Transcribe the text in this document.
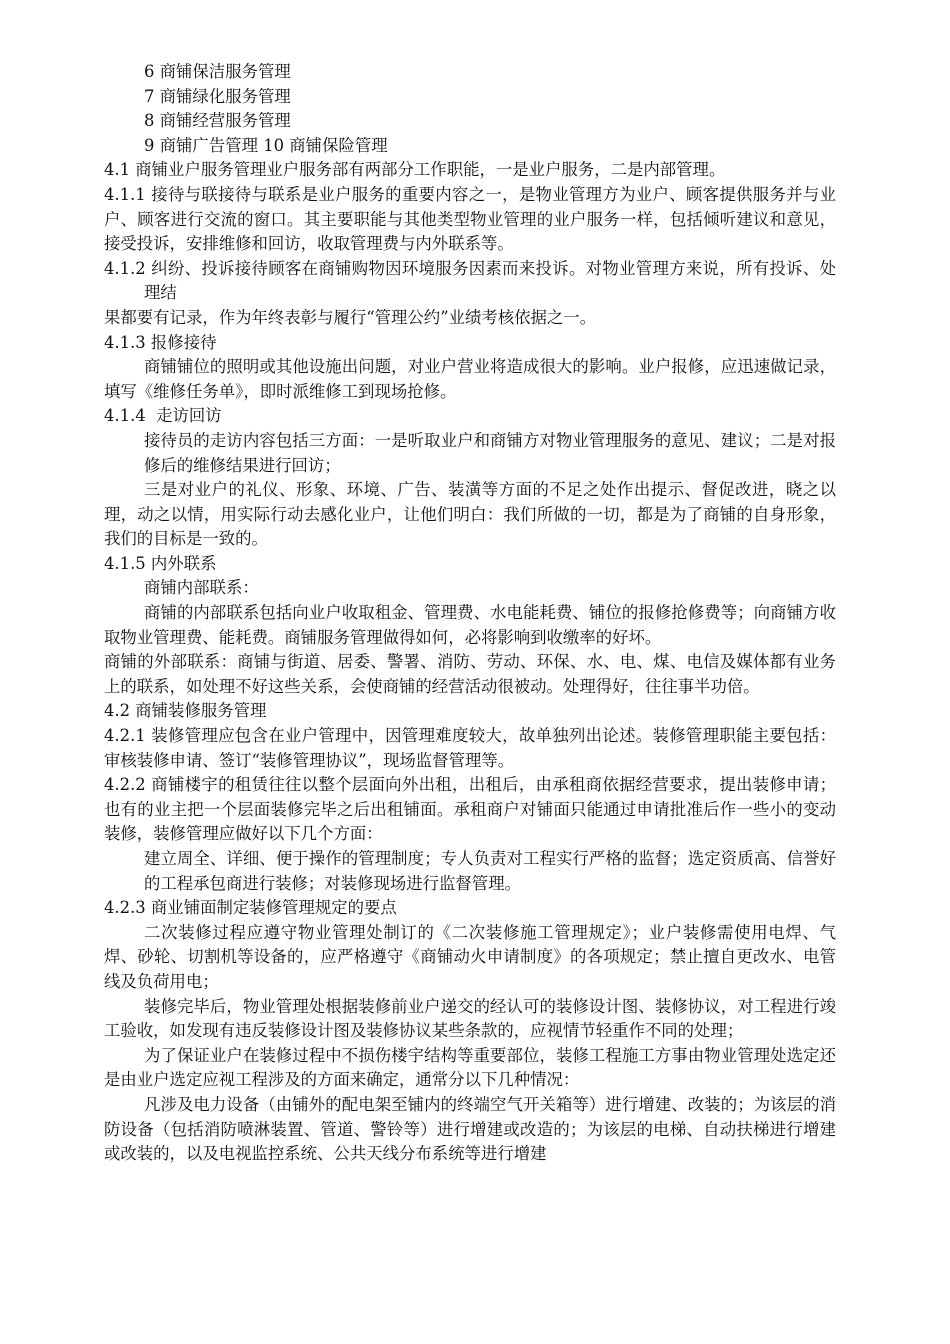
6 商铺保洁服务管理

7 商铺绿化服务管理

8 商铺经营服务管理

9 商铺广告管理 10 商铺保险管理

4.1 商铺业户服务管理业户服务部有两部分工作职能，一是业户服务，二是内部管理。

4.1.1 接待与联接待与联系是业户服务的重要内容之一，是物业管理方为业户、顾客提供服务并与业户、顾客进行交流的窗口。其主要职能与其他类型物业管理的业户服务一样，包括倾听建议和意见，接受投诉，安排维修和回访，收取管理费与内外联系等。

4.1.2 纠纷、投诉接待顾客在商铺购物因环境服务因素而来投诉。对物业管理方来说，所有投诉、处理结

果都要有记录，作为年终表彰与履行“管理公约”业绩考核依据之一。

4.1.3 报修接待

商铺铺位的照明或其他设施出问题，对业户营业将造成很大的影响。业户报修，应迅速做记录，填写《维修任务单》，即时派维修工到现场抢修。

4.1.4  走访回访

接待员的走访内容包括三方面：一是听取业户和商铺方对物业管理服务的意见、建议；二是对报修后的维修结果进行回访；

三是对业户的礼仪、形象、环境、广告、装潢等方面的不足之处作出提示、督促改进，晓之以理，动之以情，用实际行动去感化业户，让他们明白：我们所做的一切，都是为了商铺的自身形象，我们的目标是一致的。

4.1.5 内外联系

商铺内部联系：

商铺的内部联系包括向业户收取租金、管理费、水电能耗费、铺位的报修抢修费等；向商铺方收取物业管理费、能耗费。商铺服务管理做得如何，必将影响到收缴率的好坏。

商铺的外部联系：商铺与街道、居委、警署、消防、劳动、环保、水、电、煤、电信及媒体都有业务上的联系，如处理不好这些关系，会使商铺的经营活动很被动。处理得好，往往事半功倍。

4.2 商铺装修服务管理

4.2.1 装修管理应包含在业户管理中，因管理难度较大，故单独列出论述。装修管理职能主要包括：审核装修申请、签订“装修管理协议”，现场监督管理等。

4.2.2 商铺楼宇的租赁往往以整个层面向外出租，出租后，由承租商依据经营要求，提出装修申请；也有的业主把一个层面装修完毕之后出租铺面。承租商户对铺面只能通过申请批准后作一些小的变动装修，装修管理应做好以下几个方面：

建立周全、详细、便于操作的管理制度；专人负责对工程实行严格的监督；选定资质高、信誉好的工程承包商进行装修；对装修现场进行监督管理。

4.2.3 商业铺面制定装修管理规定的要点

二次装修过程应遵守物业管理处制订的《二次装修施工管理规定》；业户装修需使用电焊、气焊、砂轮、切割机等设备的，应严格遵守《商铺动火申请制度》的各项规定；禁止擅自更改水、电管线及负荷用电；

装修完毕后，物业管理处根据装修前业户递交的经认可的装修设计图、装修协议，对工程进行竣工验收，如发现有违反装修设计图及装修协议某些条款的，应视情节轻重作不同的处理；

为了保证业户在装修过程中不损伤楼宇结构等重要部位，装修工程施工方事由物业管理处选定还是由业户选定应视工程涉及的方面来确定，通常分以下几种情况：

凡涉及电力设备（由铺外的配电架至铺内的终端空气开关箱等）进行增建、改装的；为该层的消防设备（包括消防喷淋装置、管道、警铃等）进行增建或改造的；为该层的电梯、自动扶梯进行增建或改装的，以及电视监控系统、公共天线分布系统等进行增建
